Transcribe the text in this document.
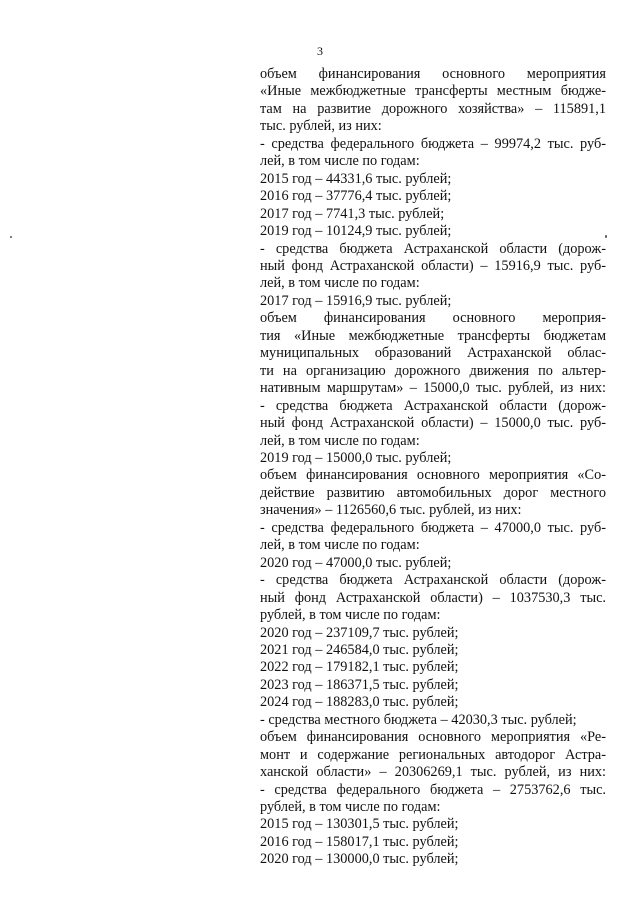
3
объем финансирования основного мероприятия
«Иные межбюджетные трансферты местным бюдже-
там на развитие дорожного хозяйства» – 115891,1
тыс. рублей, из них:
- средства федерального бюджета – 99974,2 тыс. руб-
лей, в том числе по годам:
2015 год – 44331,6 тыс. рублей;
2016 год – 37776,4 тыс. рублей;
2017 год – 7741,3 тыс. рублей;
2019 год – 10124,9 тыс. рублей;
- средства бюджета Астраханской области (дорож-
ный фонд Астраханской области) – 15916,9 тыс. руб-
лей, в том числе по годам:
2017 год – 15916,9 тыс. рублей;
объем финансирования основного мероприя-
тия «Иные межбюджетные трансферты бюджетам
муниципальных образований Астраханской облас-
ти на организацию дорожного движения по альтер-
нативным маршрутам» – 15000,0 тыс. рублей, из них:
- средства бюджета Астраханской области (дорож-
ный фонд Астраханской области) – 15000,0 тыс. руб-
лей, в том числе по годам:
2019 год – 15000,0 тыс. рублей;
объем финансирования основного мероприятия «Со-
действие развитию автомобильных дорог местного
значения» – 1126560,6 тыс. рублей, из них:
- средства федерального бюджета – 47000,0 тыс. руб-
лей, в том числе по годам:
2020 год – 47000,0 тыс. рублей;
- средства бюджета Астраханской области (дорож-
ный фонд Астраханской области) – 1037530,3 тыс.
рублей, в том числе по годам:
2020 год – 237109,7 тыс. рублей;
2021 год – 246584,0 тыс. рублей;
2022 год – 179182,1 тыс. рублей;
2023 год – 186371,5 тыс. рублей;
2024 год – 188283,0 тыс. рублей;
- средства местного бюджета – 42030,3 тыс. рублей;
объем финансирования основного мероприятия «Ре-
монт и содержание региональных автодорог Астра-
ханской области» – 20306269,1 тыс. рублей, из них:
- средства федерального бюджета – 2753762,6 тыс.
рублей, в том числе по годам:
2015 год – 130301,5 тыс. рублей;
2016 год – 158017,1 тыс. рублей;
2020 год – 130000,0 тыс. рублей;
